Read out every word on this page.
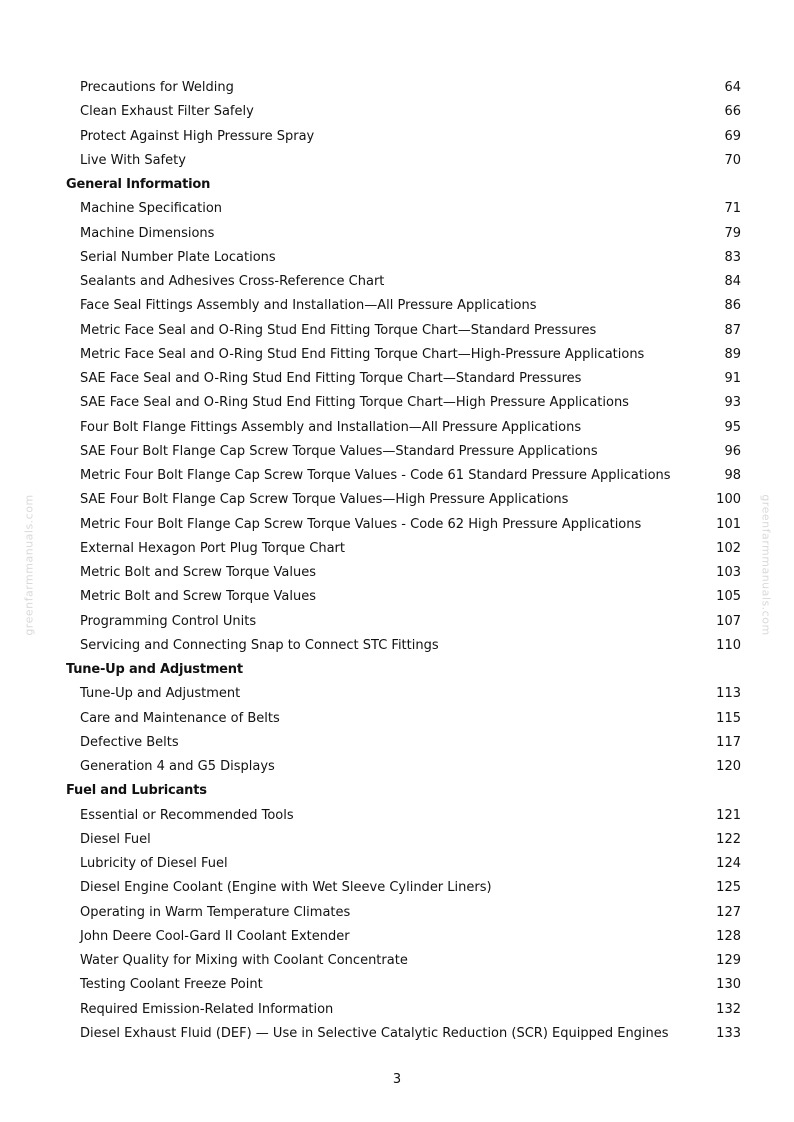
greenfarmmanuals.com	greenfarmmanuals.com
Precautions for Welding	64
Clean Exhaust Filter Safely	66
Protect Against High Pressure Spray	69
Live With Safety	70
General Information
Machine Specification	71
Machine Dimensions	79
Serial Number Plate Locations	83
Sealants and Adhesives Cross-Reference Chart	84
Face Seal Fittings Assembly and Installation—All Pressure Applications	86
Metric Face Seal and O-Ring Stud End Fitting Torque Chart—Standard Pressures	87
Metric Face Seal and O-Ring Stud End Fitting Torque Chart—High-Pressure Applications	89
SAE Face Seal and O-Ring Stud End Fitting Torque Chart—Standard Pressures	91
SAE Face Seal and O-Ring Stud End Fitting Torque Chart—High Pressure Applications	93
Four Bolt Flange Fittings Assembly and Installation—All Pressure Applications	95
SAE Four Bolt Flange Cap Screw Torque Values—Standard Pressure Applications	96
Metric Four Bolt Flange Cap Screw Torque Values - Code 61 Standard Pressure Applications	98
SAE Four Bolt Flange Cap Screw Torque Values—High Pressure Applications	100
Metric Four Bolt Flange Cap Screw Torque Values - Code 62 High Pressure Applications	101
External Hexagon Port Plug Torque Chart	102
Metric Bolt and Screw Torque Values	103
Metric Bolt and Screw Torque Values	105
Programming Control Units	107
Servicing and Connecting Snap to Connect STC Fittings	110
Tune-Up and Adjustment
Tune-Up and Adjustment	113
Care and Maintenance of Belts	115
Defective Belts	117
Generation 4 and G5 Displays	120
Fuel and Lubricants
Essential or Recommended Tools	121
Diesel Fuel	122
Lubricity of Diesel Fuel	124
Diesel Engine Coolant (Engine with Wet Sleeve Cylinder Liners)	125
Operating in Warm Temperature Climates	127
John Deere Cool-Gard II Coolant Extender	128
Water Quality for Mixing with Coolant Concentrate	129
Testing Coolant Freeze Point	130
Required Emission-Related Information	132
Diesel Exhaust Fluid (DEF) — Use in Selective Catalytic Reduction (SCR) Equipped Engines	133
3
